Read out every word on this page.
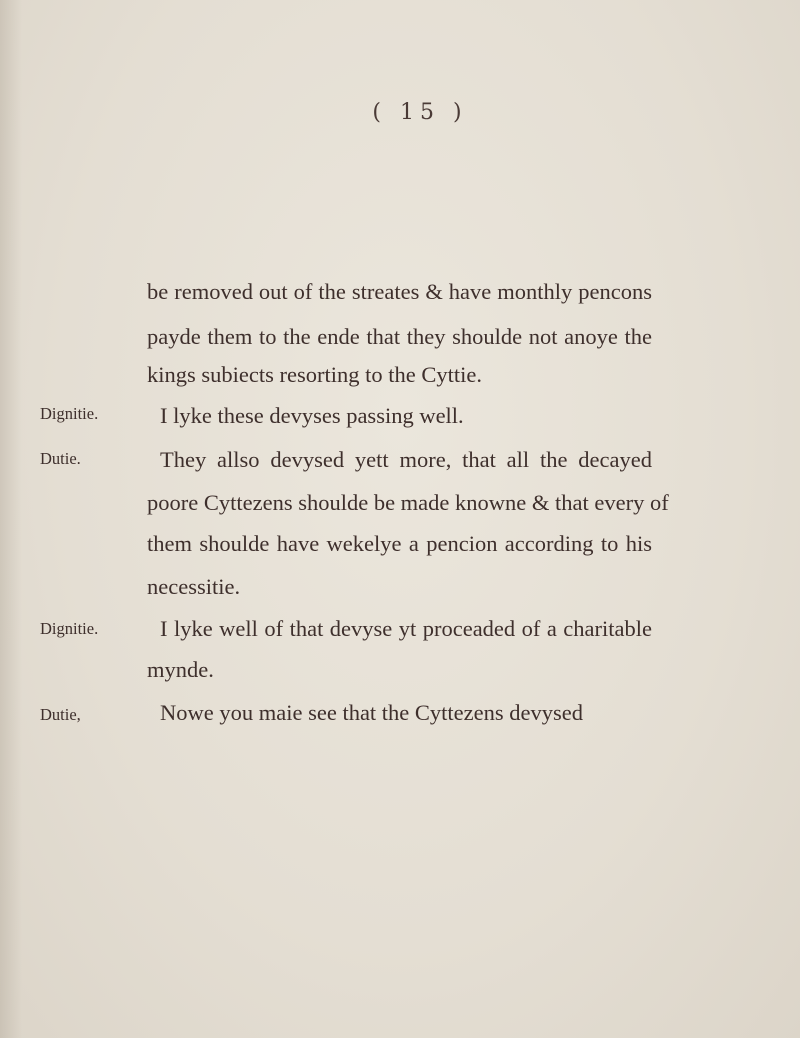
( 15 )
Dignitie.
Dutie.
Dignitie.
Dutie,
be removed out of the streates & have monthly pencons
payde them to the ende that they shoulde not anoye the
kings subiects resorting to the Cyttie.
I lyke these devyses passing well.
They allso devysed yett more, that all the decayed
poore Cyttezens shoulde be made knowne & that every of
them shoulde have wekelye a pencion according to his
necessitie.
I lyke well of that devyse yt proceaded of a charitable
mynde.
Nowe you maie see that the Cyttezens devysed
